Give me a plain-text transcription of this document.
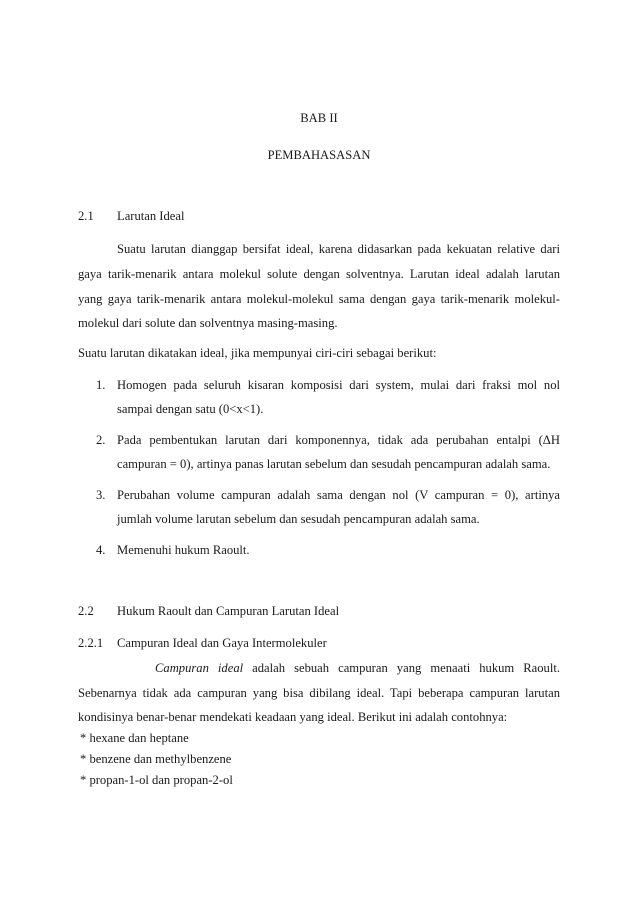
BAB II
PEMBAHASASAN
2.1 Larutan Ideal
Suatu larutan dianggap bersifat ideal, karena didasarkan pada kekuatan relative dari
gaya tarik-menarik antara molekul solute dengan solventnya. Larutan ideal adalah larutan
yang gaya tarik-menarik antara molekul-molekul sama dengan gaya tarik-menarik molekul-
molekul dari solute dan solventnya masing-masing.
Suatu larutan dikatakan ideal, jika mempunyai ciri-ciri sebagai berikut:
1. Homogen pada seluruh kisaran komposisi dari system, mulai dari fraksi mol nol
sampai dengan satu (0<x<1).
2. Pada pembentukan larutan dari komponennya, tidak ada perubahan entalpi (ΔH
campuran = 0), artinya panas larutan sebelum dan sesudah pencampuran adalah sama.
3. Perubahan volume campuran adalah sama dengan nol (V campuran = 0), artinya
jumlah volume larutan sebelum dan sesudah pencampuran adalah sama.
4. Memenuhi hukum Raoult.
2.2 Hukum Raoult dan Campuran Larutan Ideal
2.2.1 Campuran Ideal dan Gaya Intermolekuler
Campuran ideal adalah sebuah campuran yang menaati hukum Raoult.
Sebenarnya tidak ada campuran yang bisa dibilang ideal. Tapi beberapa campuran larutan
kondisinya benar-benar mendekati keadaan yang ideal. Berikut ini adalah contohnya:
* hexane dan heptane
* benzene dan methylbenzene
* propan-1-ol dan propan-2-ol
